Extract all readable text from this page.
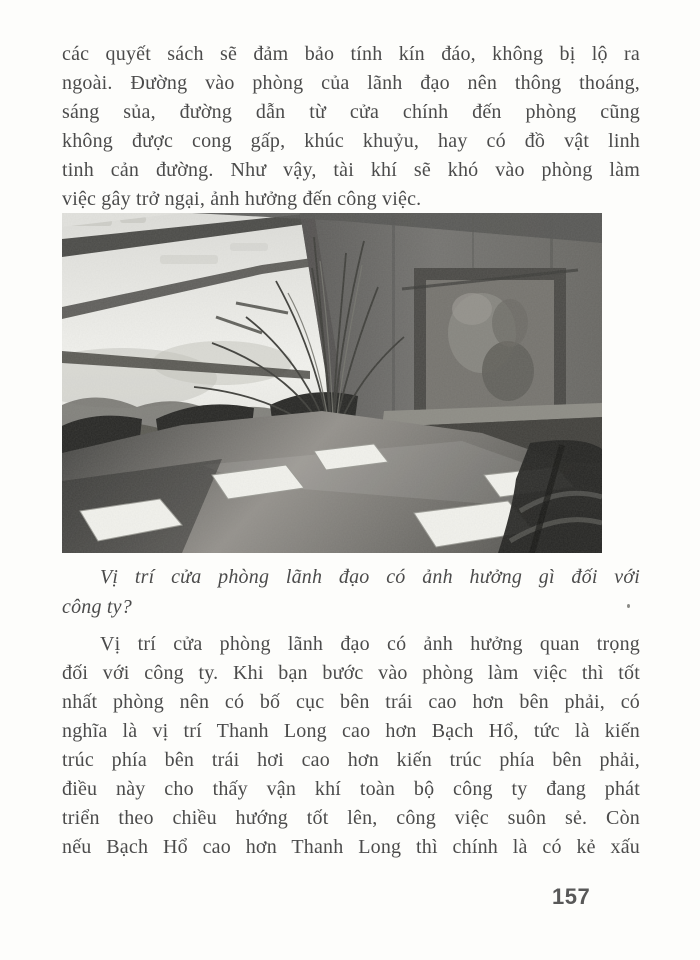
các quyết sách sẽ đảm bảo tính kín đáo, không bị lộ ra
ngoài. Đường vào phòng của lãnh đạo nên thông thoáng,
sáng sủa, đường dẫn từ cửa chính đến phòng cũng
không được cong gấp, khúc khuỷu, hay có đồ vật linh
tinh cản đường. Như vậy, tài khí sẽ khó vào phòng làm
việc gây trở ngại, ảnh hưởng đến công việc.
Vị trí cửa phòng lãnh đạo có ảnh hưởng gì đối với
công ty?
Vị trí cửa phòng lãnh đạo có ảnh hưởng quan trọng
đối với công ty. Khi bạn bước vào phòng làm việc thì tốt
nhất phòng nên có bố cục bên trái cao hơn bên phải, có
nghĩa là vị trí Thanh Long cao hơn Bạch Hổ, tức là kiến
trúc phía bên trái hơi cao hơn kiến trúc phía bên phải,
điều này cho thấy vận khí toàn bộ công ty đang phát
triển theo chiều hướng tốt lên, công việc suôn sẻ. Còn
nếu Bạch Hổ cao hơn Thanh Long thì chính là có kẻ xấu
157
